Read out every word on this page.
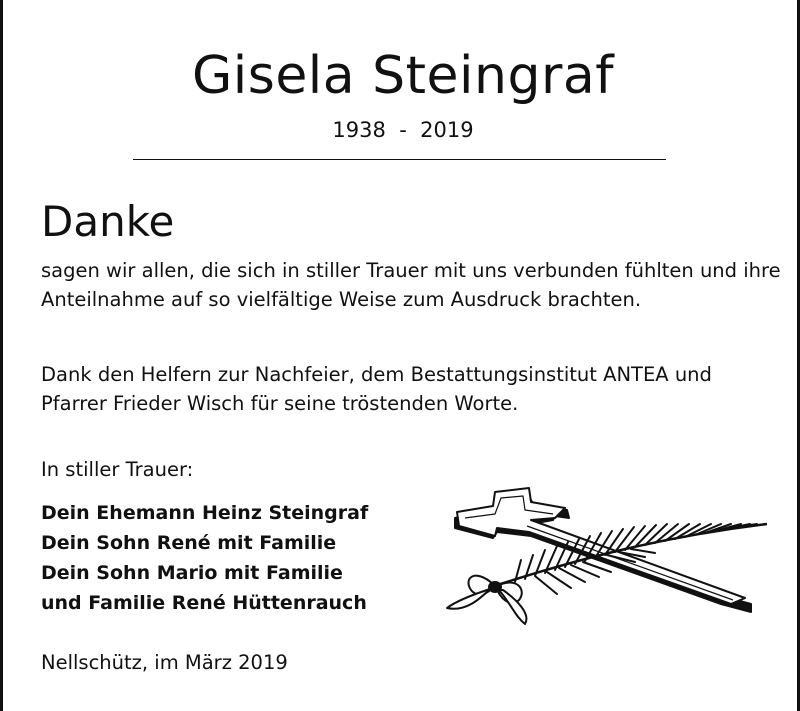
Gisela Steingraf
1938  -  2019
Danke
sagen wir allen, die sich in stiller Trauer mit uns verbunden fühlten und ihre Anteilnahme auf so vielfältige Weise zum Ausdruck brachten.
Dank den Helfern zur Nachfeier, dem Bestattungsinstitut ANTEA und Pfarrer Frieder Wisch für seine tröstenden Worte.
In stiller Trauer:
Dein Ehemann Heinz Steingraf
Dein Sohn René mit Familie
Dein Sohn Mario mit Familie
und Familie René Hüttenrauch
Nellschütz, im März 2019
